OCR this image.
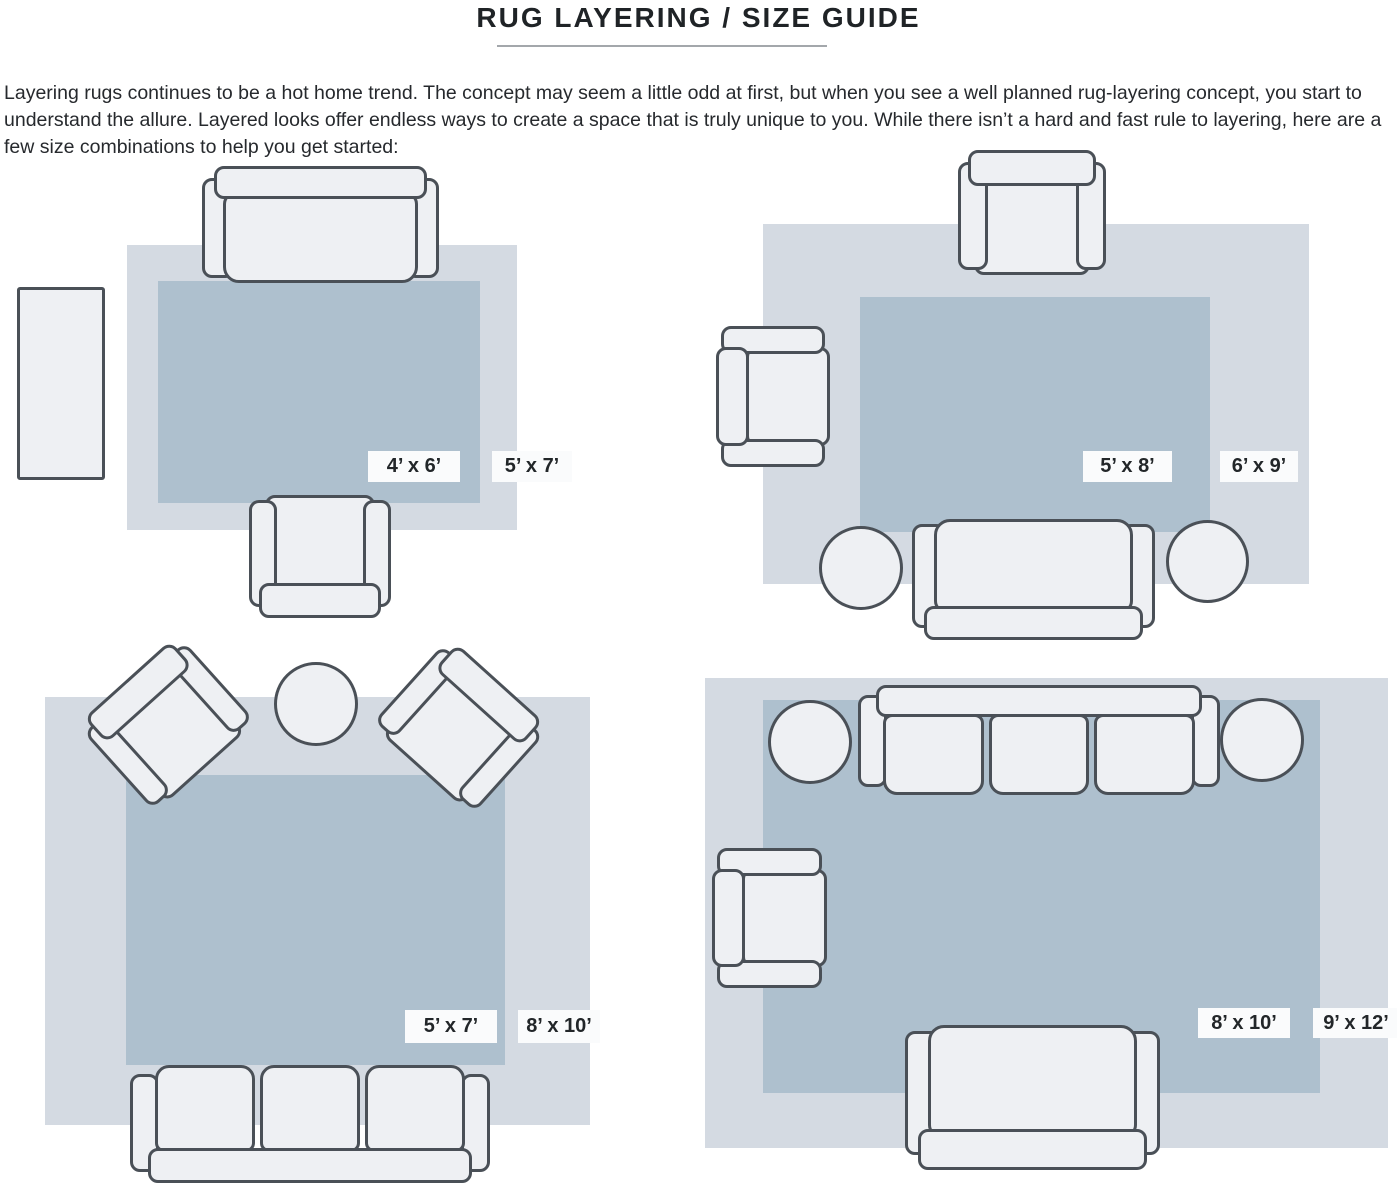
RUG LAYERING / SIZE GUIDE
Layering rugs continues to be a hot home trend. The concept may seem a little odd at first, but when you see a well planned rug-layering concept, you start to understand the allure. Layered looks offer endless ways to create a space that is truly unique to you. While there isn’t a hard and fast rule to layering, here are a few size combinations to help you get started:
4’ x 6’	5’ x 7’	5’ x 8’	6’ x 9’
5’ x 7’ 8’ x 10’	8’ x 10’ 9’ x 12’
